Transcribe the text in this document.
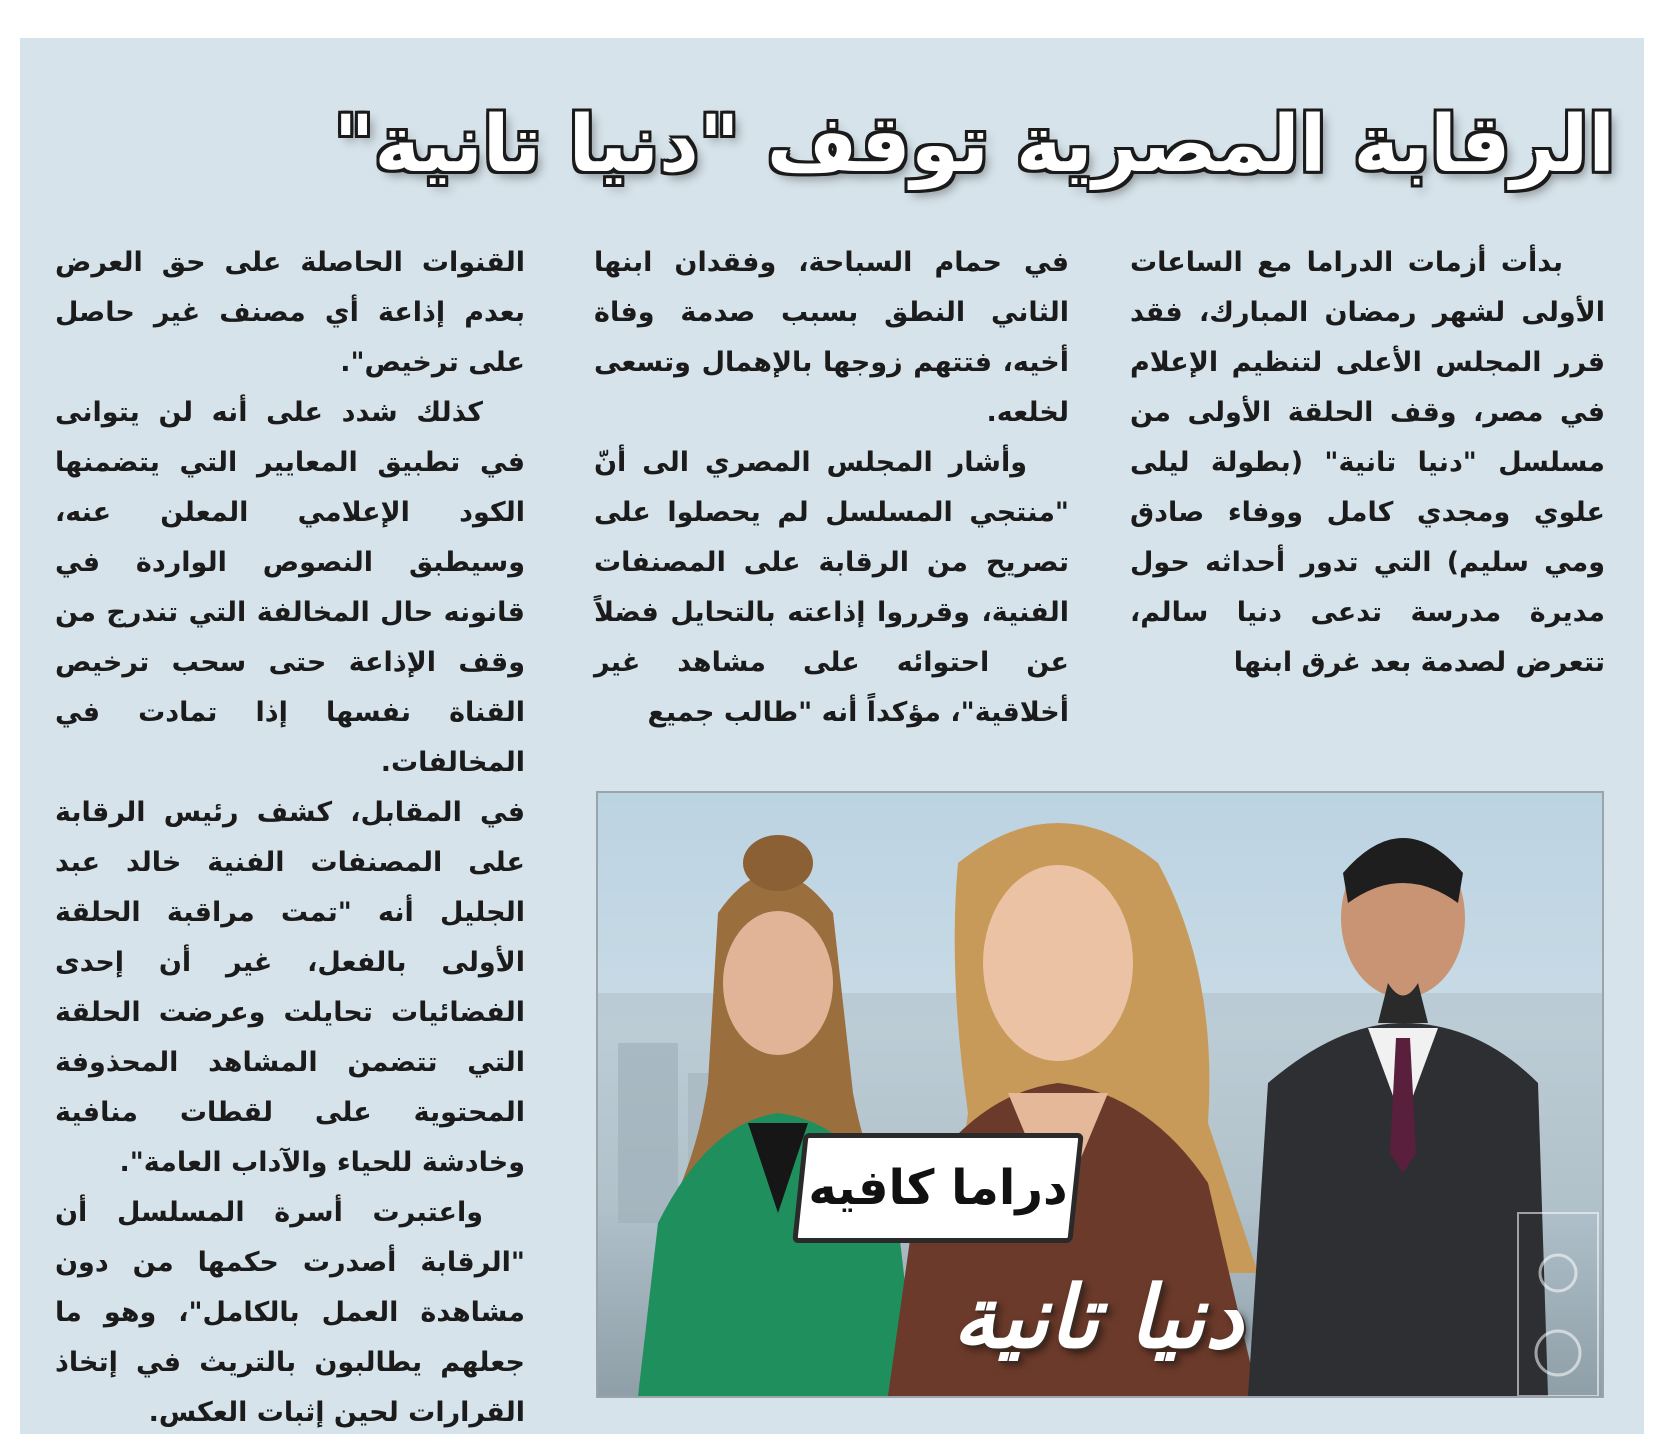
الرقابة المصرية توقف "دنيا تانية"

بدأت أزمات الدراما مع الساعات الأولى لشهر رمضان المبارك، فقد قرر المجلس الأعلى لتنظيم الإعلام في مصر، وقف الحلقة الأولى من مسلسل "دنيا تانية" (بطولة ليلى علوي ومجدي كامل ووفاء صادق ومي سليم) التي تدور أحداثه حول مديرة مدرسة تدعى دنيا سالم، تتعرض لصدمة بعد غرق ابنها

في حمام السباحة، وفقدان ابنها الثاني النطق بسبب صدمة وفاة أخيه، فتتهم زوجها بالإهمال وتسعى لخلعه.

وأشار المجلس المصري الى أنّ "منتجي المسلسل لم يحصلوا على تصريح من الرقابة على المصنفات الفنية، وقرروا إذاعته بالتحايل فضلاً عن احتوائه على مشاهد غير أخلاقية"، مؤكداً أنه "طالب جميع

القنوات الحاصلة على حق العرض بعدم إذاعة أي مصنف غير حاصل على ترخيص".

كذلك شدد على أنه لن يتوانى في تطبيق المعايير التي يتضمنها الكود الإعلامي المعلن عنه، وسيطبق النصوص الواردة في قانونه حال المخالفة التي تندرج من وقف الإذاعة حتى سحب ترخيص القناة نفسها إذا تمادت في المخالفات.

في المقابل، كشف رئيس الرقابة على المصنفات الفنية خالد عبد الجليل أنه "تمت مراقبة الحلقة الأولى بالفعل، غير أن إحدى الفضائيات تحايلت وعرضت الحلقة التي تتضمن المشاهد المحذوفة المحتوية على لقطات منافية وخادشة للحياء والآداب العامة".

واعتبرت أسرة المسلسل أن "الرقابة أصدرت حكمها من دون مشاهدة العمل بالكامل"، وهو ما جعلهم يطالبون بالتريث في إتخاذ القرارات لحين إثبات العكس.

دراما كافيه
دنيا تانية
